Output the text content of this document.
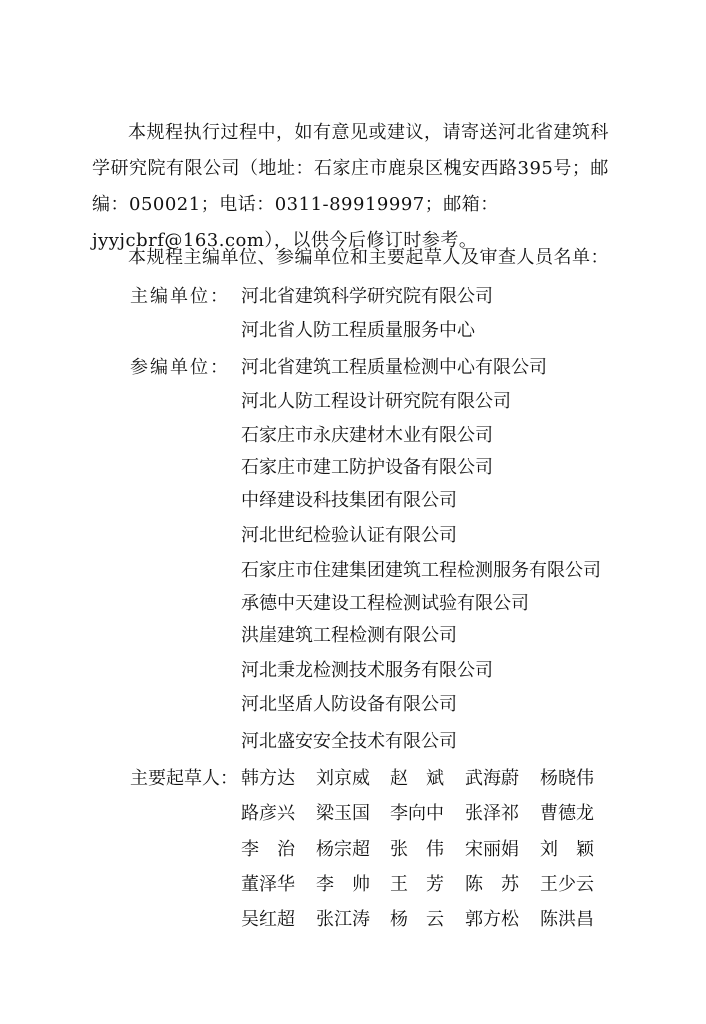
本规程执行过程中，如有意见或建议，请寄送河北省建筑科学研究院有限公司（地址：石家庄市鹿泉区槐安西路395号；邮编：050021；电话：0311-89919997；邮箱：jyyjcbrf@163.com），以供今后修订时参考。

本规程主编单位、参编单位和主要起草人及审查人员名单：

主编单位： 河北省建筑科学研究院有限公司
河北省人防工程质量服务中心
参编单位： 河北省建筑工程质量检测中心有限公司
河北人防工程设计研究院有限公司
石家庄市永庆建材木业有限公司
石家庄市建工防护设备有限公司
中绎建设科技集团有限公司
河北世纪检验认证有限公司
石家庄市住建集团建筑工程检测服务有限公司
承德中天建设工程检测试验有限公司
洪崖建筑工程检测有限公司
河北秉龙检测技术服务有限公司
河北坚盾人防设备有限公司
河北盛安安全技术有限公司
主要起草人： 韩方达 刘京威 赵　斌 武海蔚 杨晓伟
路彦兴 梁玉国 李向中 张泽祁 曹德龙
李　治 杨宗超 张　伟 宋丽娟 刘　颖
董泽华 李　帅 王　芳 陈　苏 王少云
吴红超 张江涛 杨　云 郭方松 陈洪昌
